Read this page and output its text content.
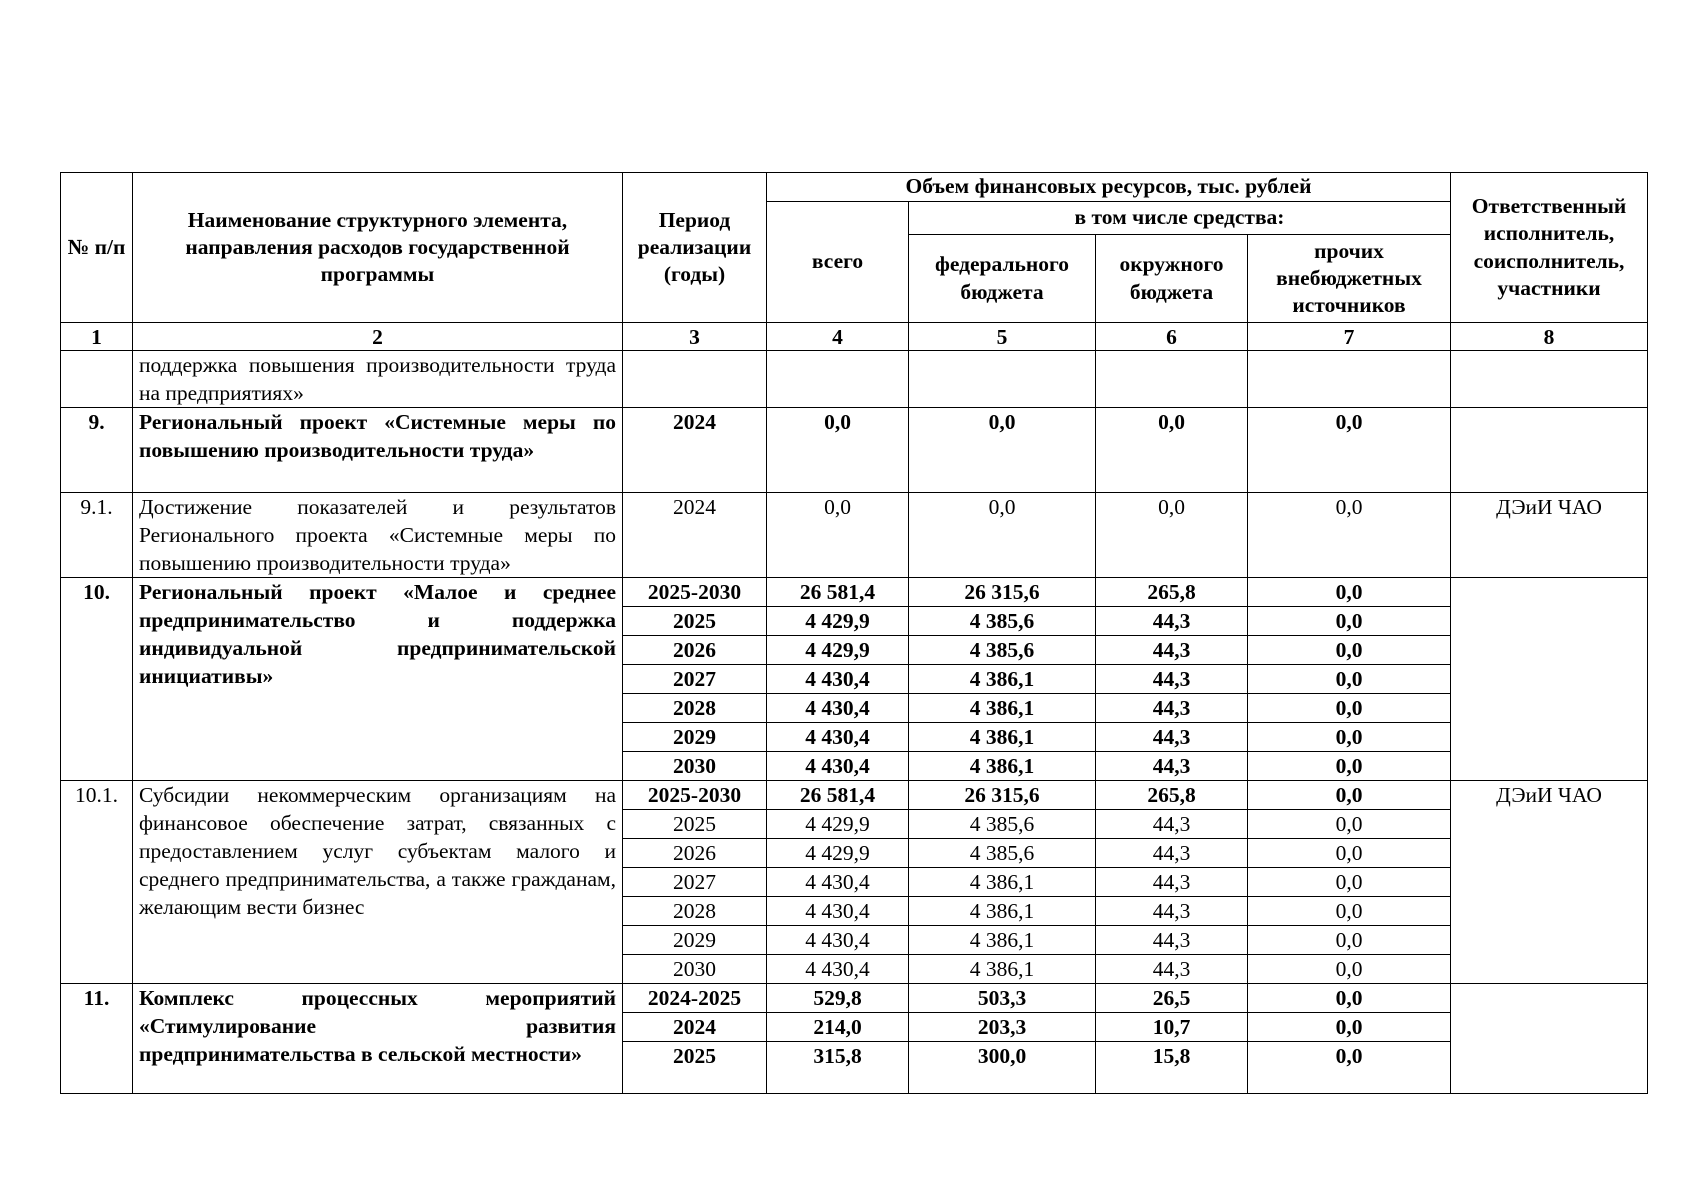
№ п/п	Наименование структурного элемента, направления расходов государственной программы	Период реализации (годы)	Объем финансовых ресурсов, тыс. рублей				Ответственный исполнитель, соисполнитель, участники
			всего	в том числе средства:			
				федерального бюджета	окружного бюджета	прочих внебюджетных источников	
1	2	3	4	5	6	7	8
	поддержка повышения производительности труда на предприятиях»						
9.	Региональный проект «Системные меры по повышению производительности труда»	2024	0,0	0,0	0,0	0,0	
9.1.	Достижение показателей и результатов Регионального проекта «Системные меры по повышению производительности труда»	2024	0,0	0,0	0,0	0,0	ДЭиИ ЧАО
10.	Региональный проект «Малое и среднее предпринимательство и поддержка индивидуальной предпринимательской инициативы»	2025-2030	26 581,4	26 315,6	265,8	0,0	
		2025	4 429,9	4 385,6	44,3	0,0	
		2026	4 429,9	4 385,6	44,3	0,0	
		2027	4 430,4	4 386,1	44,3	0,0	
		2028	4 430,4	4 386,1	44,3	0,0	
		2029	4 430,4	4 386,1	44,3	0,0	
		2030	4 430,4	4 386,1	44,3	0,0	
10.1.	Субсидии некоммерческим организациям на финансовое обеспечение затрат, связанных с предоставлением услуг субъектам малого и среднего предпринимательства, а также гражданам, желающим вести бизнес	2025-2030	26 581,4	26 315,6	265,8	0,0	ДЭиИ ЧАО
		2025	4 429,9	4 385,6	44,3	0,0	
		2026	4 429,9	4 385,6	44,3	0,0	
		2027	4 430,4	4 386,1	44,3	0,0	
		2028	4 430,4	4 386,1	44,3	0,0	
		2029	4 430,4	4 386,1	44,3	0,0	
		2030	4 430,4	4 386,1	44,3	0,0	
11.	Комплекс процессных мероприятий «Стимулирование развития предпринимательства в сельской местности»	2024-2025	529,8	503,3	26,5	0,0	
		2024	214,0	203,3	10,7	0,0	
		2025	315,8	300,0	15,8	0,0	
